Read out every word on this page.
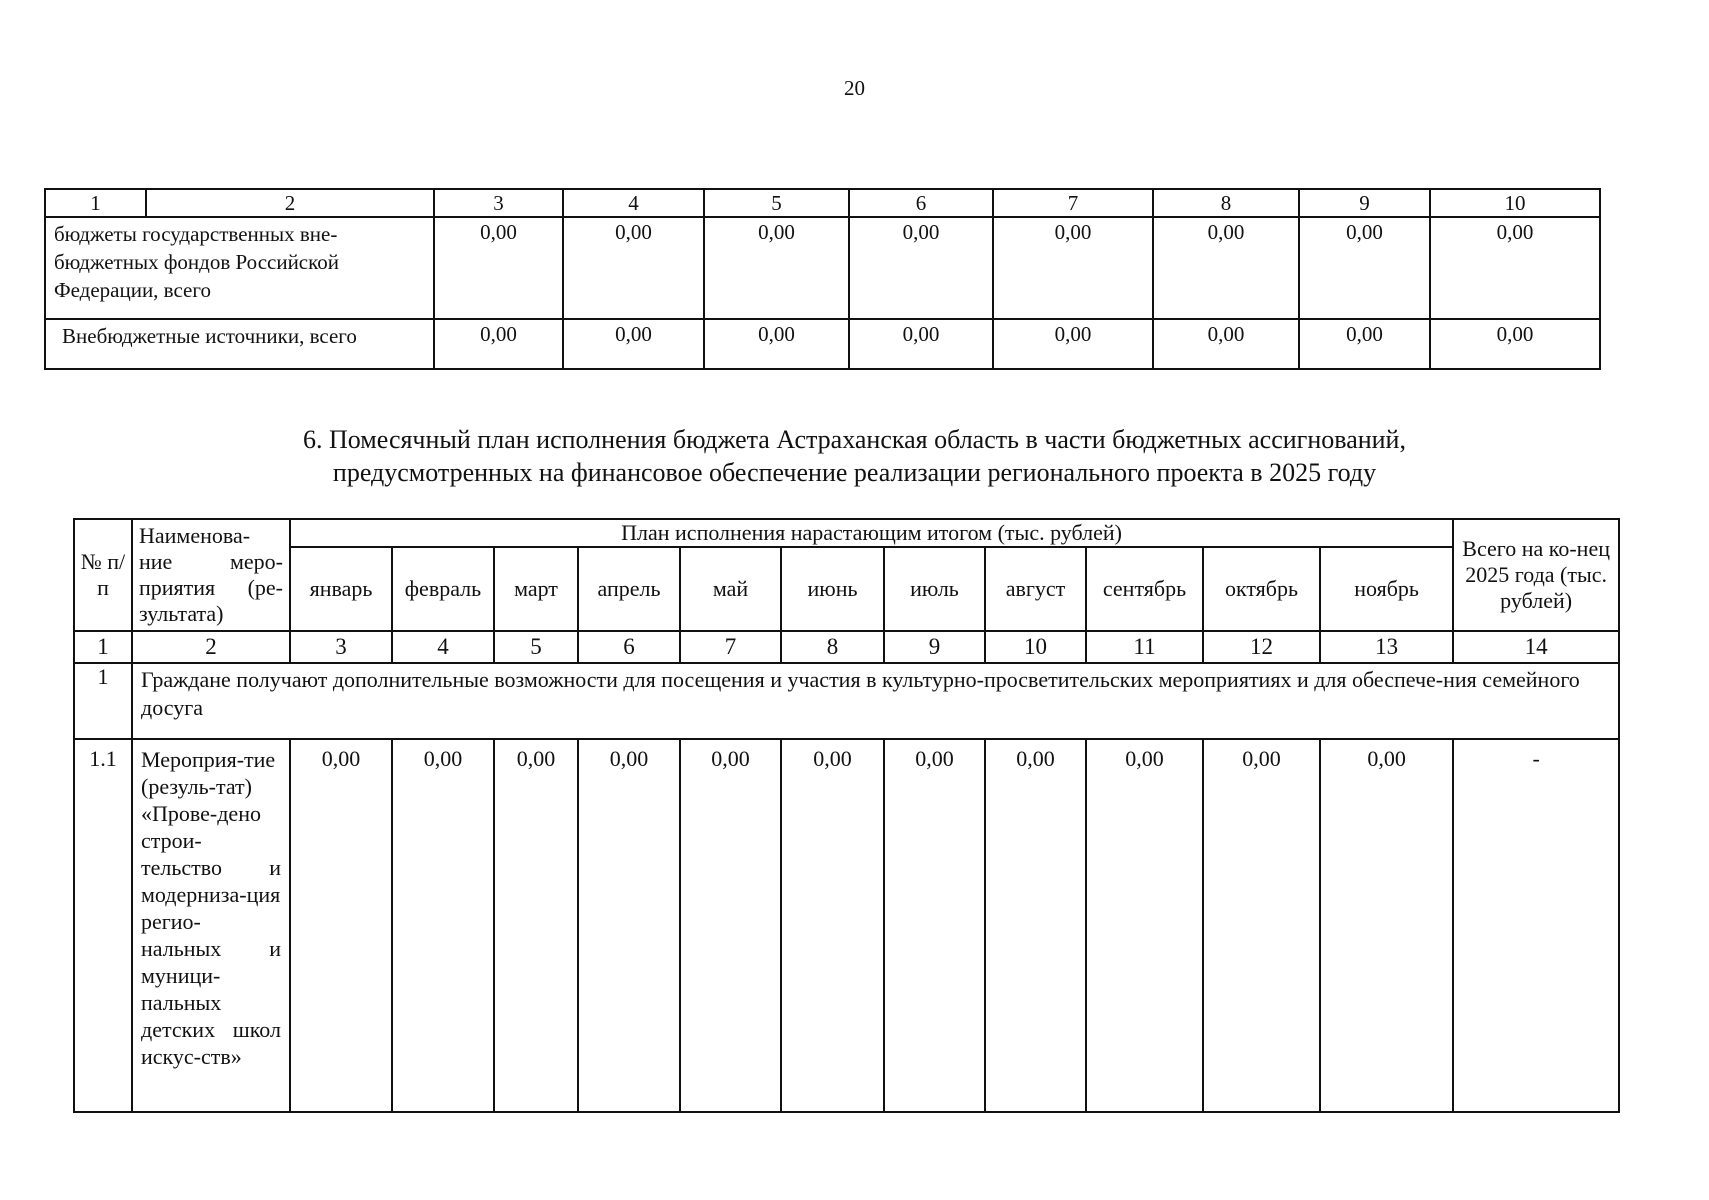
20
1	2	3	4	5	6	7	8	9	10
бюджеты государственных вне-бюджетных фондов Российской Федерации, всего		0,00	0,00	0,00	0,00	0,00	0,00	0,00	0,00
Внебюджетные источники, всего		0,00	0,00	0,00	0,00	0,00	0,00	0,00	0,00
6. Помесячный план исполнения бюджета Астраханская область в части бюджетных ассигнований,
предусмотренных на финансовое обеспечение реализации регионального проекта в 2025 году
№ п/п	Наименова-ние меро-приятия (ре-зультата)	План исполнения нарастающим итогом (тыс. рублей)											Всего на ко-нец 2025 года (тыс. рублей)
		январь	февраль	март	апрель	май	июнь	июль	август	сентябрь	октябрь	ноябрь	
1	2	3	4	5	6	7	8	9	10	11	12	13	14
1	Граждане получают дополнительные возможности для посещения и участия в культурно-просветительских мероприятиях и для обеспече-ния семейного досуга												
1.1	Мероприя-тие (резуль-тат) «Прове-дено строи-тельство и модерниза-ция регио-нальных и муници-пальных детских школ искус-ств»	0,00	0,00	0,00	0,00	0,00	0,00	0,00	0,00	0,00	0,00	0,00	-
